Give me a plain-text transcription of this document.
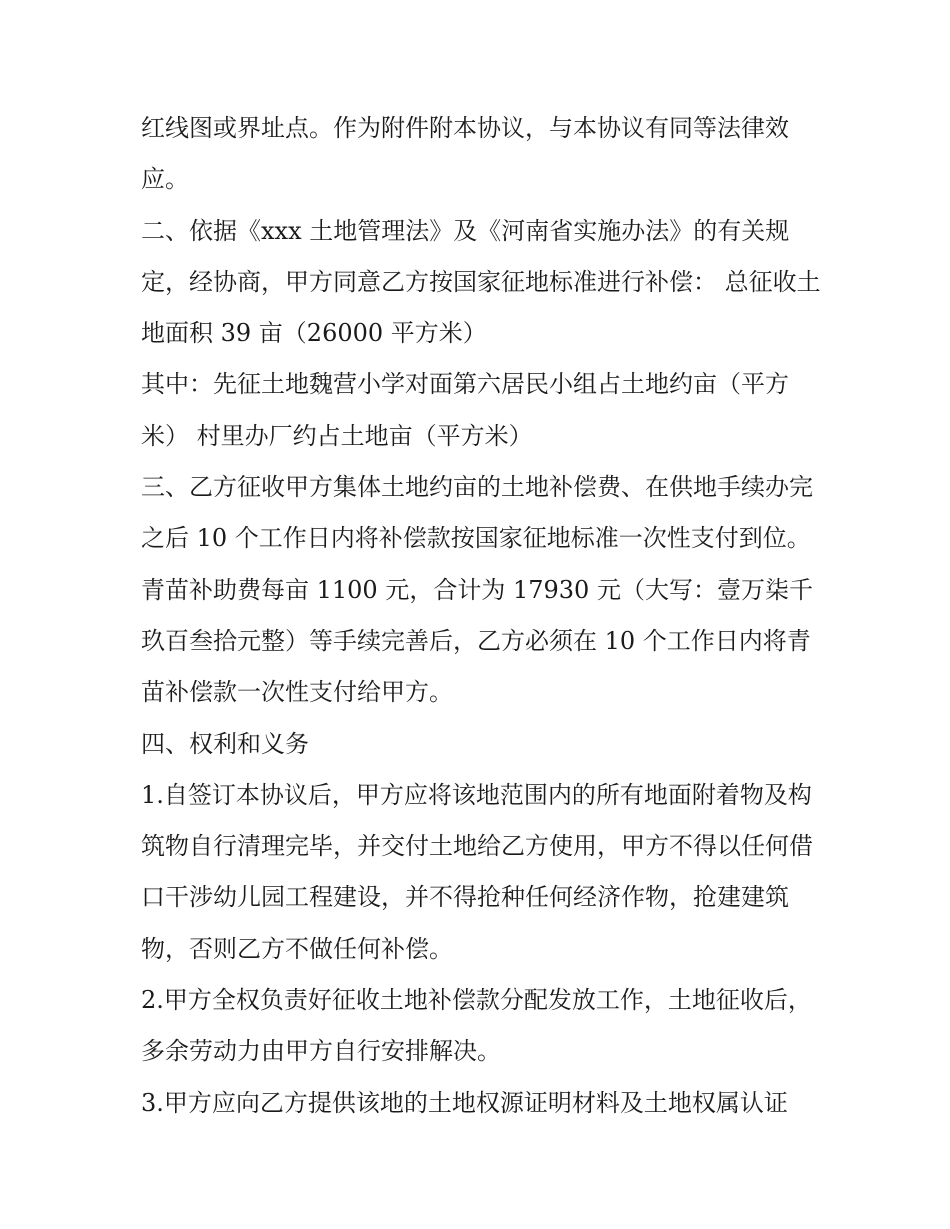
红线图或界址点。作为附件附本协议，与本协议有同等法律效应。

二、依据《xxx 土地管理法》及《河南省实施办法》的有关规定，经协商，甲方同意乙方按国家征地标准进行补偿： 总征收土地面积 39 亩（26000 平方米）

其中：先征土地魏营小学对面第六居民小组占土地约亩（平方米） 村里办厂约占土地亩（平方米）

三、乙方征收甲方集体土地约亩的土地补偿费、在供地手续办完之后 10 个工作日内将补偿款按国家征地标准一次性支付到位。青苗补助费每亩 1100 元，合计为 17930 元（大写：壹万柒千玖百叁拾元整）等手续完善后，乙方必须在 10 个工作日内将青苗补偿款一次性支付给甲方。

四、权利和义务

1.自签订本协议后，甲方应将该地范围内的所有地面附着物及构筑物自行清理完毕，并交付土地给乙方使用，甲方不得以任何借口干涉幼儿园工程建设，并不得抢种任何经济作物，抢建建筑物，否则乙方不做任何补偿。

2.甲方全权负责好征收土地补偿款分配发放工作，土地征收后，多余劳动力由甲方自行安排解决。

3.甲方应向乙方提供该地的土地权源证明材料及土地权属认证
